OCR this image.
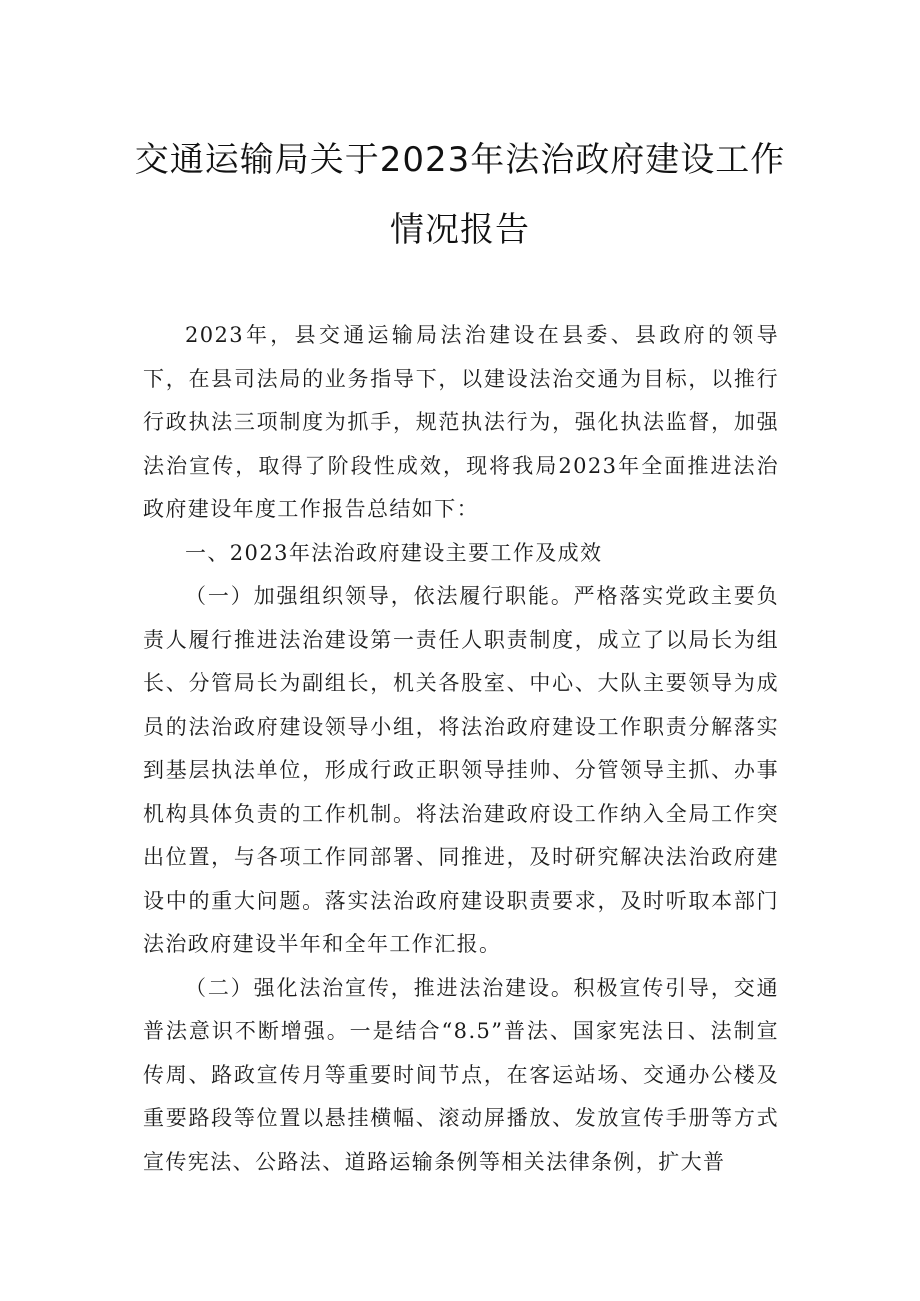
交通运输局关于2023年法治政府建设工作
情况报告

2023年，县交通运输局法治建设在县委、县政府的领导下，在县司法局的业务指导下，以建设法治交通为目标，以推行行政执法三项制度为抓手，规范执法行为，强化执法监督，加强法治宣传，取得了阶段性成效，现将我局2023年全面推进法治政府建设年度工作报告总结如下：

一、2023年法治政府建设主要工作及成效

（一）加强组织领导，依法履行职能。严格落实党政主要负责人履行推进法治建设第一责任人职责制度，成立了以局长为组长、分管局长为副组长，机关各股室、中心、大队主要领导为成员的法治政府建设领导小组，将法治政府建设工作职责分解落实到基层执法单位，形成行政正职领导挂帅、分管领导主抓、办事机构具体负责的工作机制。将法治建政府设工作纳入全局工作突出位置，与各项工作同部署、同推进，及时研究解决法治政府建设中的重大问题。落实法治政府建设职责要求，及时听取本部门法治政府建设半年和全年工作汇报。

（二）强化法治宣传，推进法治建设。积极宣传引导，交通普法意识不断增强。一是结合“8.5”普法、国家宪法日、法制宣传周、路政宣传月等重要时间节点，在客运站场、交通办公楼及重要路段等位置以悬挂横幅、滚动屏播放、发放宣传手册等方式宣传宪法、公路法、道路运输条例等相关法律条例，扩大普
